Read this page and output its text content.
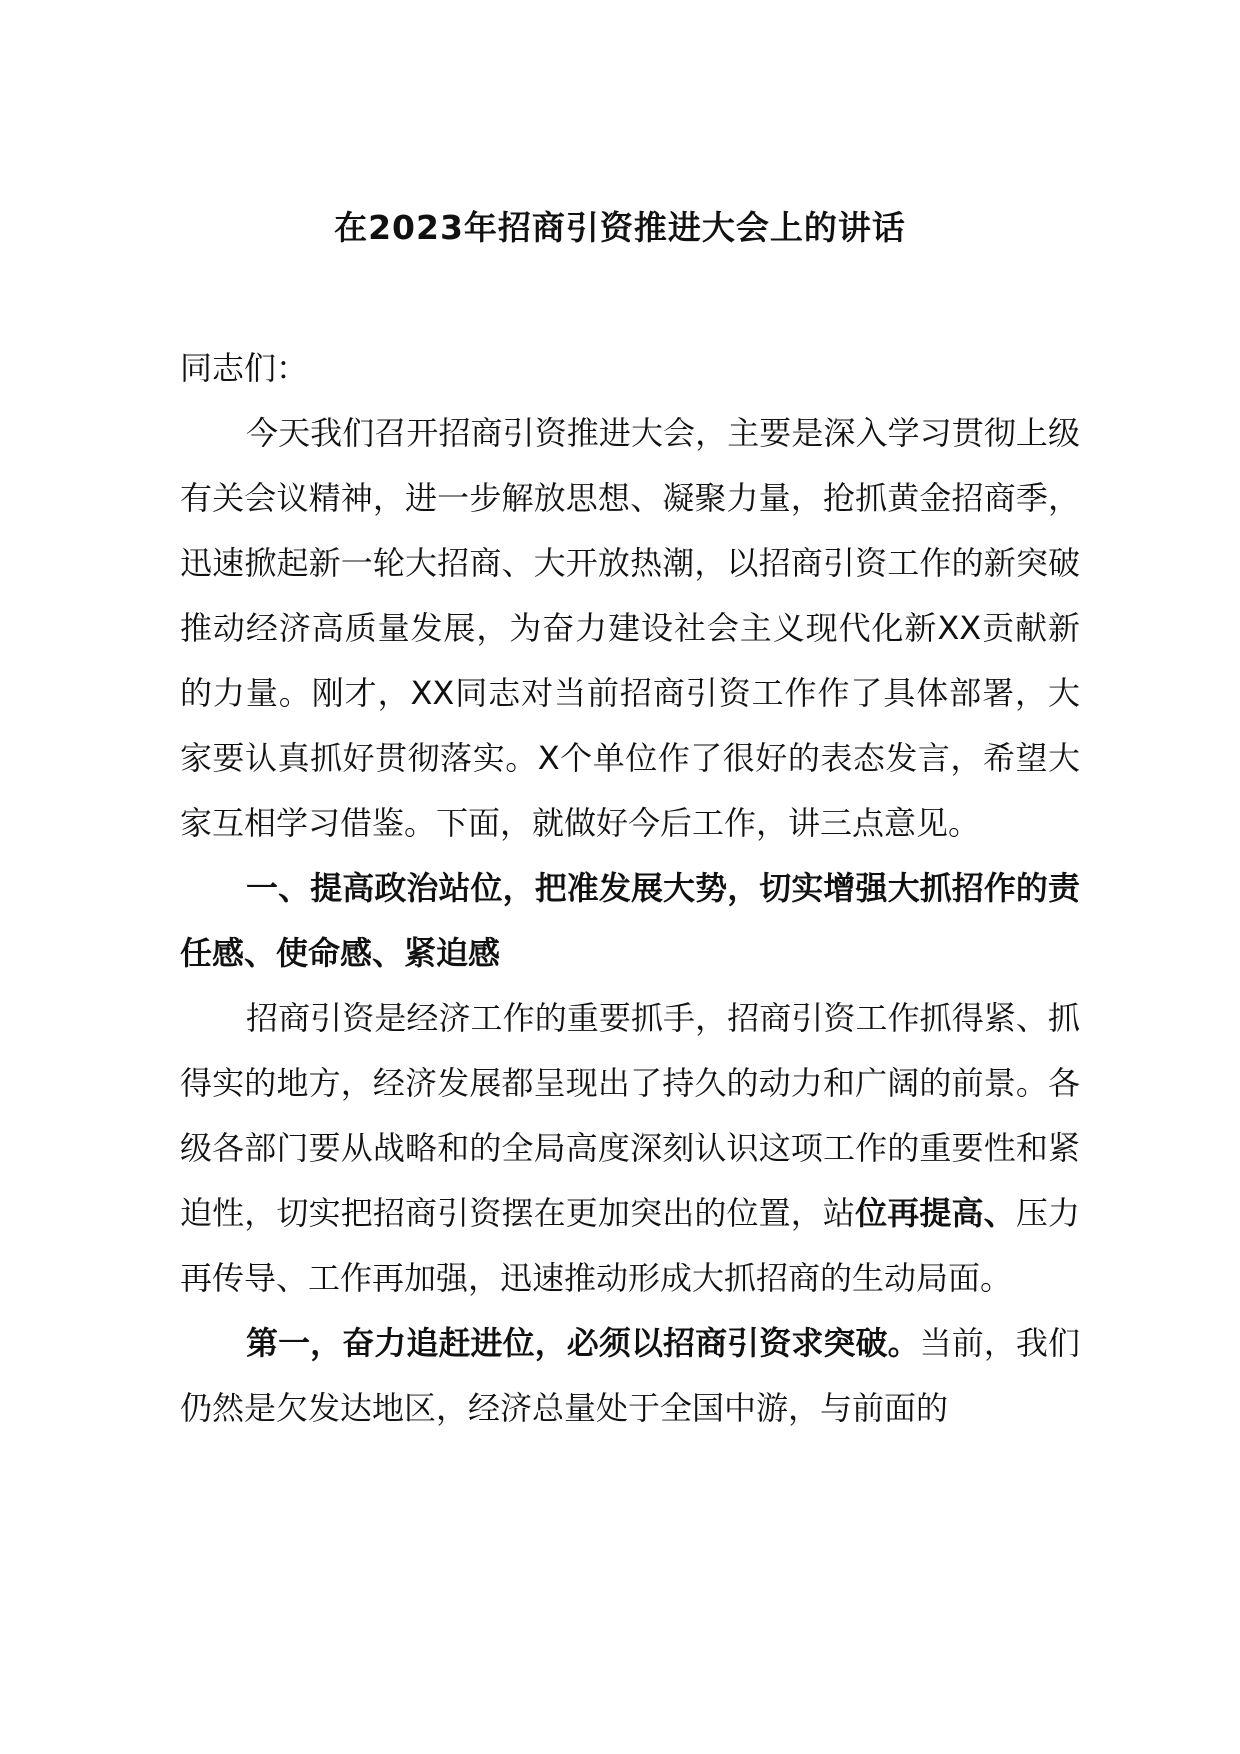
在2023年招商引资推进大会上的讲话

同志们：

今天我们召开招商引资推进大会，主要是深入学习贯彻上级有关会议精神，进一步解放思想、凝聚力量，抢抓黄金招商季，迅速掀起新一轮大招商、大开放热潮，以招商引资工作的新突破推动经济高质量发展，为奋力建设社会主义现代化新XX贡献新的力量。刚才，XX同志对当前招商引资工作作了具体部署，大家要认真抓好贯彻落实。X个单位作了很好的表态发言，希望大家互相学习借鉴。下面，就做好今后工作，讲三点意见。

一、提高政治站位，把准发展大势，切实增强大抓招作的责任感、使命感、紧迫感

招商引资是经济工作的重要抓手，招商引资工作抓得紧、抓得实的地方，经济发展都呈现出了持久的动力和广阔的前景。各级各部门要从战略和的全局高度深刻认识这项工作的重要性和紧迫性，切实把招商引资摆在更加突出的位置，站位再提高、压力再传导、工作再加强，迅速推动形成大抓招商的生动局面。

第一，奋力追赶进位，必须以招商引资求突破。当前，我们仍然是欠发达地区，经济总量处于全国中游，与前面的
